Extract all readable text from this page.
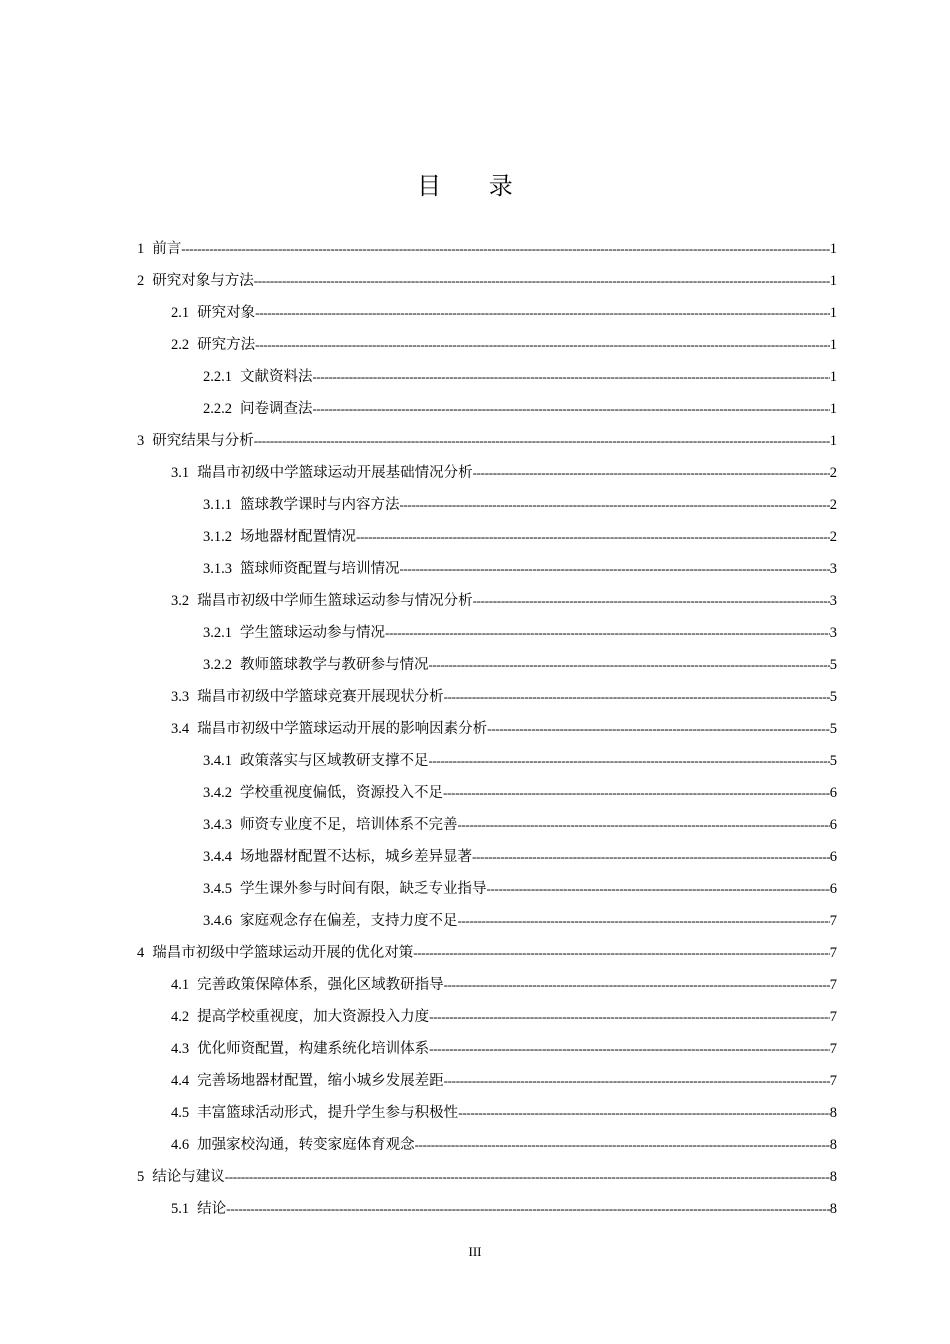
目 录
1 前言 -----	1
2 研究对象与方法 -----	1
2.1 研究对象 -----	1
2.2 研究方法 -----	1
2.2.1 文献资料法 -----	1
2.2.2 问卷调查法 -----	1
3 研究结果与分析 -----	1
3.1 瑞昌市初级中学篮球运动开展基础情况分析 -----	2
3.1.1 篮球教学课时与内容方法 -----	2
3.1.2 场地器材配置情况 -----	2
3.1.3 篮球师资配置与培训情况 -----	3
3.2 瑞昌市初级中学师生篮球运动参与情况分析 -----	3
3.2.1 学生篮球运动参与情况 -----	3
3.2.2 教师篮球教学与教研参与情况 -----	5
3.3 瑞昌市初级中学篮球竞赛开展现状分析 -----	5
3.4 瑞昌市初级中学篮球运动开展的影响因素分析 -----	5
3.4.1 政策落实与区域教研支撑不足 -----	5
3.4.2 学校重视度偏低，资源投入不足 -----	6
3.4.3 师资专业度不足，培训体系不完善 -----	6
3.4.4 场地器材配置不达标，城乡差异显著 -----	6
3.4.5 学生课外参与时间有限，缺乏专业指导 -----	6
3.4.6 家庭观念存在偏差，支持力度不足 -----	7
4 瑞昌市初级中学篮球运动开展的优化对策 -----	7
4.1 完善政策保障体系，强化区域教研指导 -----	7
4.2 提高学校重视度，加大资源投入力度 -----	7
4.3 优化师资配置，构建系统化培训体系 -----	7
4.4 完善场地器材配置，缩小城乡发展差距 -----	7
4.5 丰富篮球活动形式，提升学生参与积极性 -----	8
4.6 加强家校沟通，转变家庭体育观念 -----	8
5 结论与建议 -----	8
5.1 结论 -----	8
III
